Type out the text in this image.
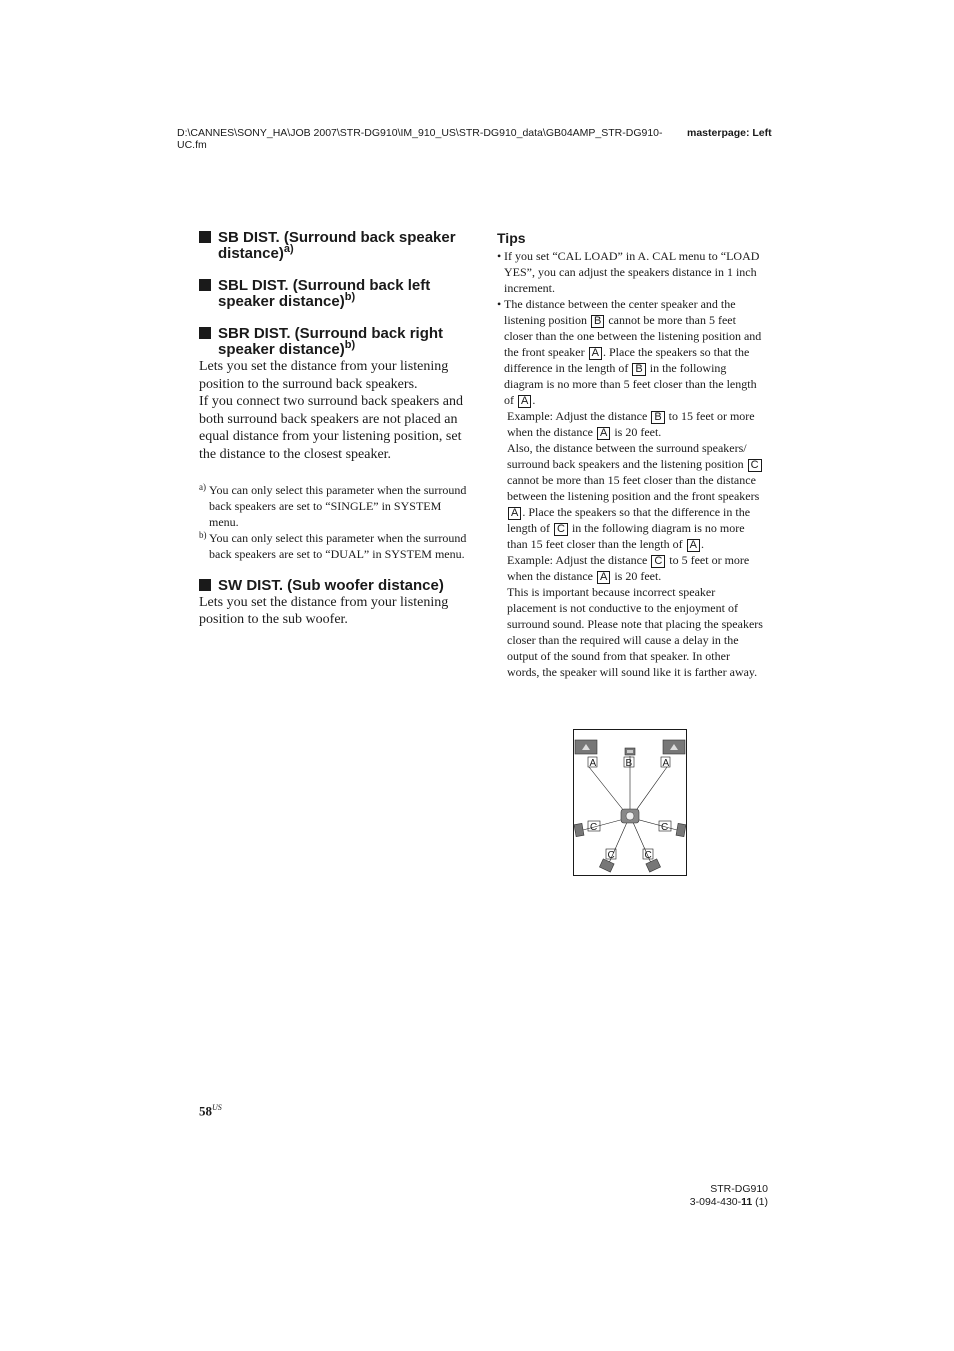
D:\CANNES\SONY_HA\JOB 2007\STR-DG910\IM_910_US\STR-DG910_data\GB04AMP_STR-DG910-UC.fm
masterpage: Left
SB DIST. (Surround back speaker distance)$^{a)}$
SBL DIST. (Surround back left speaker distance)$^{b)}$
SBR DIST. (Surround back right speaker distance)$^{b)}$
Lets you set the distance from your listening position to the surround back speakers.
If you connect two surround back speakers and both surround back speakers are not placed an equal distance from your listening position, set the distance to the closest speaker.
a) You can only select this parameter when the surround back speakers are set to “SINGLE” in SYSTEM menu.
b) You can only select this parameter when the surround back speakers are set to “DUAL” in SYSTEM menu.
SW DIST. (Sub woofer distance)
Lets you set the distance from your listening position to the sub woofer.
Tips
• If you set “CAL LOAD” in A. CAL menu to “LOAD YES”, you can adjust the speakers distance in 1 inch increment.
• The distance between the center speaker and the listening position B cannot be more than 5 feet closer than the one between the listening position and the front speaker A . Place the speakers so that the difference in the length of B in the following diagram is no more than 5 feet closer than the length of A .
Example: Adjust the distance B to 15 feet or more when the distance A is 20 feet.
Also, the distance between the surround speakers/ surround back speakers and the listening position C cannot be more than 15 feet closer than the distance between the listening position and the front speakers A . Place the speakers so that the difference in the length of C in the following diagram is no more than 15 feet closer than the length of A .
Example: Adjust the distance C to 5 feet or more when the distance A is 20 feet.
This is important because incorrect speaker placement is not conductive to the enjoyment of surround sound. Please note that placing the speakers closer than the required will cause a delay in the output of the sound from that speaker. In other words, the speaker will sound like it is farther away.
A	B	A
C	C
C	C
$58^{US}$
STR-DG910
3-094-430-11 (1)
